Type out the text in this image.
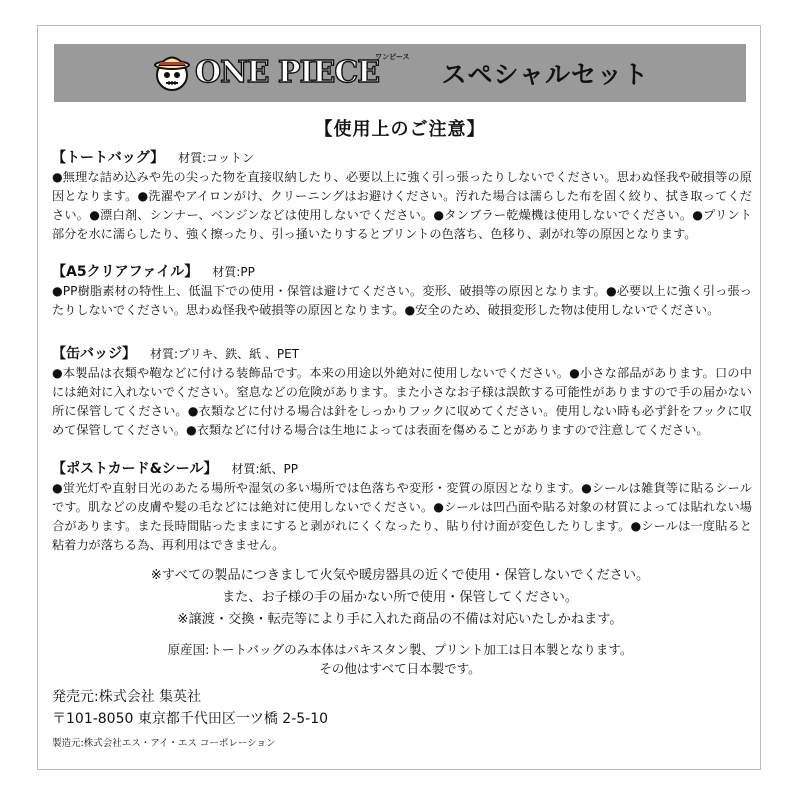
ONE PIECE
ワンピース
スペシャルセット
【使用上のご注意】
【トートバッグ】 材質:コットン
●無理な詰め込みや先の尖った物を直接収納したり、必要以上に強く引っ張ったりしないでください。思わぬ怪我や破損等の原因となります。●洗濯やアイロンがけ、クリーニングはお避けください。汚れた場合は濡らした布を固く絞り、拭き取ってください。●漂白剤、シンナー、ベンジンなどは使用しないでください。●タンブラー乾燥機は使用しないでください。●プリント部分を水に濡らしたり、強く擦ったり、引っ掻いたりするとプリントの色落ち、色移り、剥がれ等の原因となります。
【A5クリアファイル】 材質:PP
●PP樹脂素材の特性上、低温下での使用・保管は避けてください。変形、破損等の原因となります。●必要以上に強く引っ張ったりしないでください。思わぬ怪我や破損等の原因となります。●安全のため、破損変形した物は使用しないでください。
【缶バッジ】 材質:ブリキ、鉄、紙 、PET
●本製品は衣類や鞄などに付ける装飾品です。本来の用途以外絶対に使用しないでください。●小さな部品があります。口の中には絶対に入れないでください。窒息などの危険があります。また小さなお子様は誤飲する可能性がありますので手の届かない所に保管してください。●衣類などに付ける場合は針をしっかりフックに収めてください。使用しない時も必ず針をフックに収めて保管してください。●衣類などに付ける場合は生地によっては表面を傷めることがありますので注意してください。
【ポストカード&シール】 材質:紙、PP
●蛍光灯や直射日光のあたる場所や湿気の多い場所では色落ちや変形・変質の原因となります。●シールは雑貨等に貼るシールです。肌などの皮膚や髪の毛などには絶対に使用しないでください。●シールは凹凸面や貼る対象の材質によっては貼れない場合があります。また長時間貼ったままにすると剥がれにくくなったり、貼り付け面が変色したりします。●シールは一度貼ると粘着力が落ちる為、再利用はできません。
※すべての製品につきまして火気や暖房器具の近くで使用・保管しないでください。
また、お子様の手の届かない所で使用・保管してください。
※譲渡・交換・転売等により手に入れた商品の不備は対応いたしかねます。
原産国:トートバッグのみ本体はパキスタン製、プリント加工は日本製となります。
その他はすべて日本製です。
発売元:株式会社 集英社
〒101-8050 東京都千代田区一ツ橋 2-5-10
製造元:株式会社エス・アイ・エス コーポレーション
